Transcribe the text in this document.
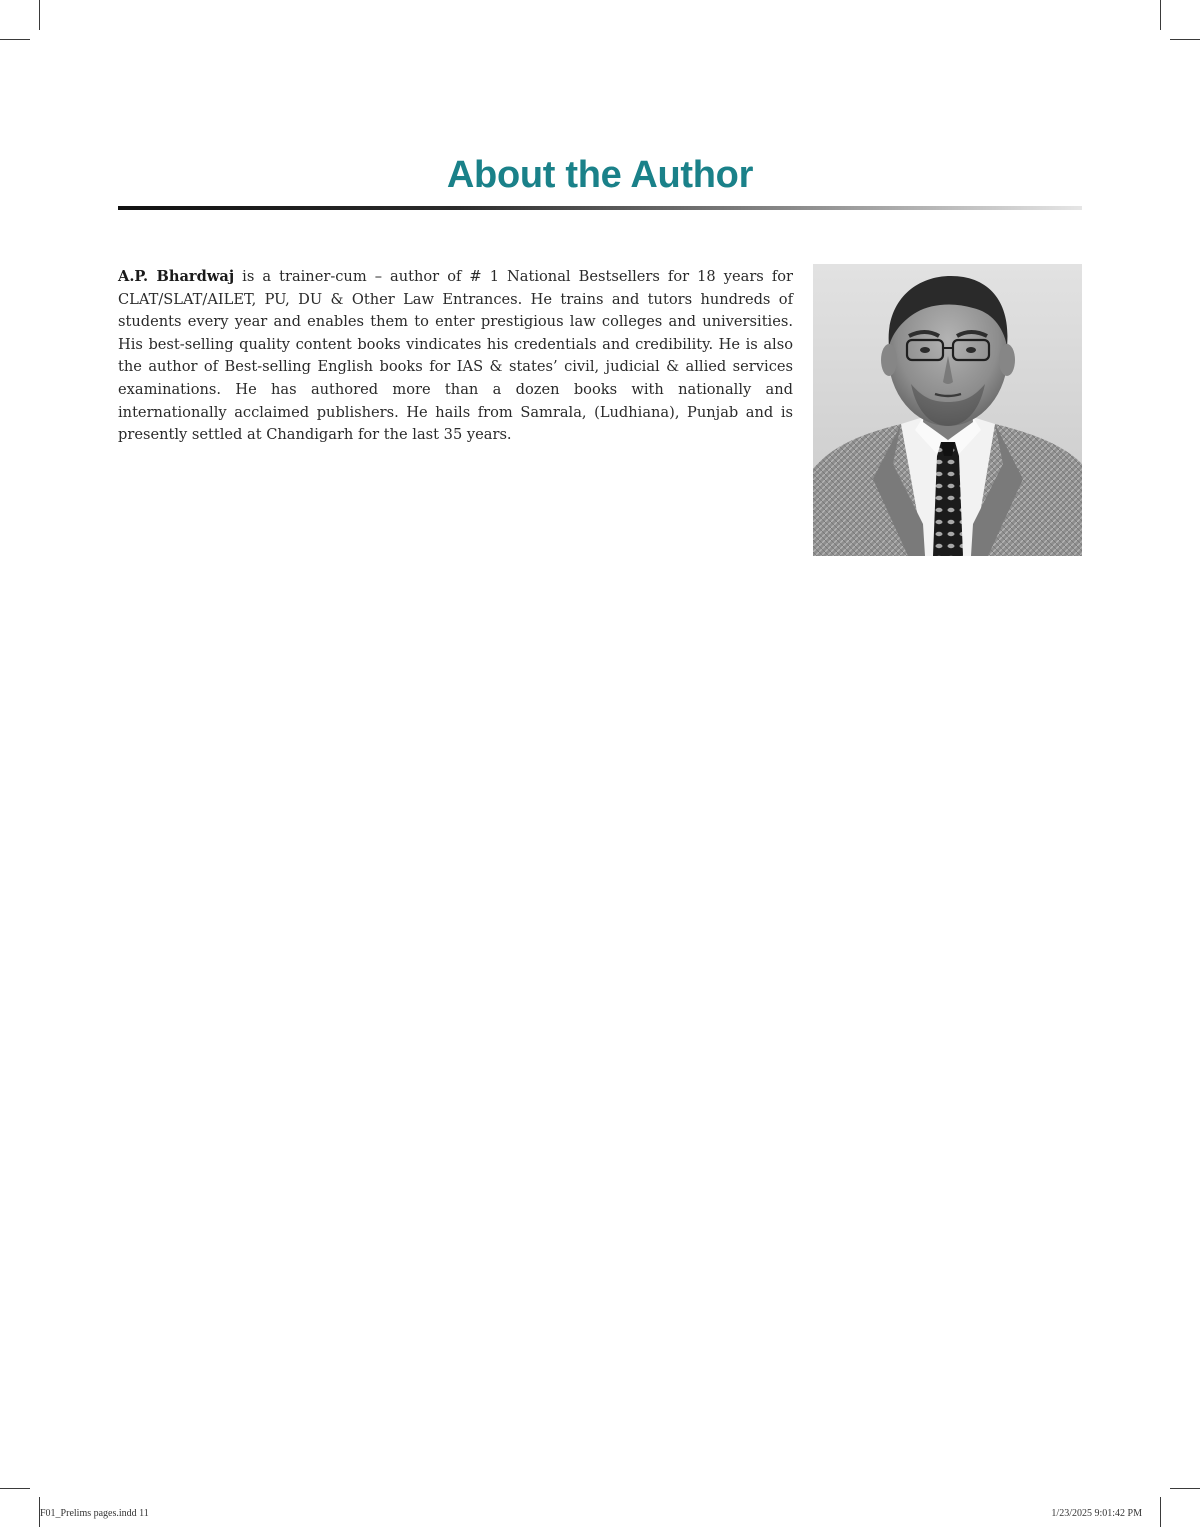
About the Author

A.P. Bhardwaj is a trainer-cum – author of # 1 National Bestsellers for 18 years for CLAT/SLAT/AILET, PU, DU & Other Law Entrances. He trains and tutors hundreds of students every year and enables them to enter prestigious law colleges and universities. His best-selling quality content books vindicates his credentials and credibility. He is also the author of Best-selling English books for IAS & states’ civil, judicial & allied services examinations. He has authored more than a dozen books with nationally and internationally acclaimed publishers. He hails from Samrala, (Ludhiana), Punjab and is presently settled at Chandigarh for the last 35 years.

F01_Prelims pages.indd 11	1/23/2025 9:01:42 PM
